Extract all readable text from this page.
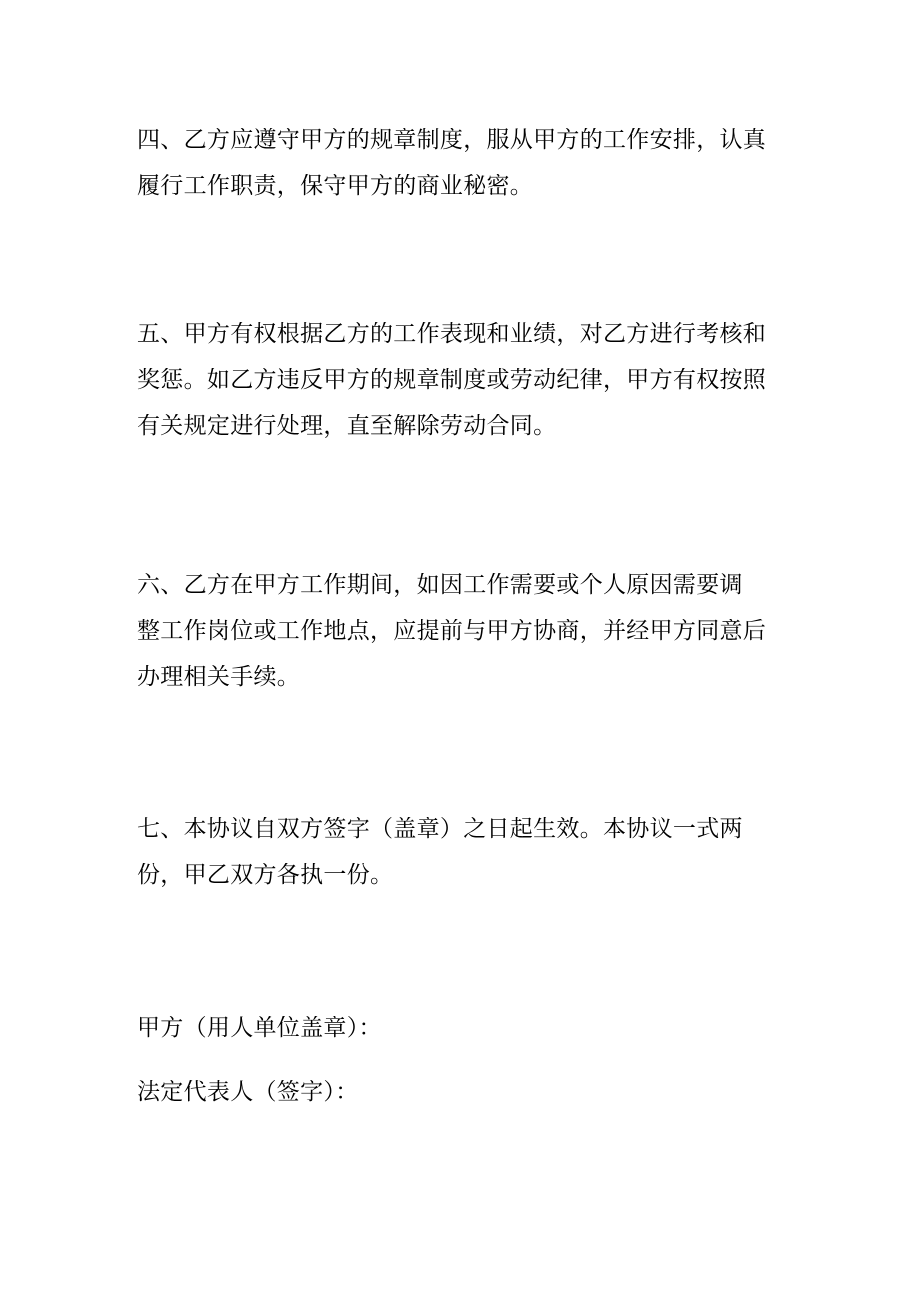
四、乙方应遵守甲方的规章制度，服从甲方的工作安排，认真
履行工作职责，保守甲方的商业秘密。

五、甲方有权根据乙方的工作表现和业绩，对乙方进行考核和
奖惩。如乙方违反甲方的规章制度或劳动纪律，甲方有权按照
有关规定进行处理，直至解除劳动合同。

六、乙方在甲方工作期间，如因工作需要或个人原因需要调
整工作岗位或工作地点，应提前与甲方协商，并经甲方同意后
办理相关手续。

七、本协议自双方签字（盖章）之日起生效。本协议一式两
份，甲乙双方各执一份。

甲方（用人单位盖章）：

法定代表人（签字）：
